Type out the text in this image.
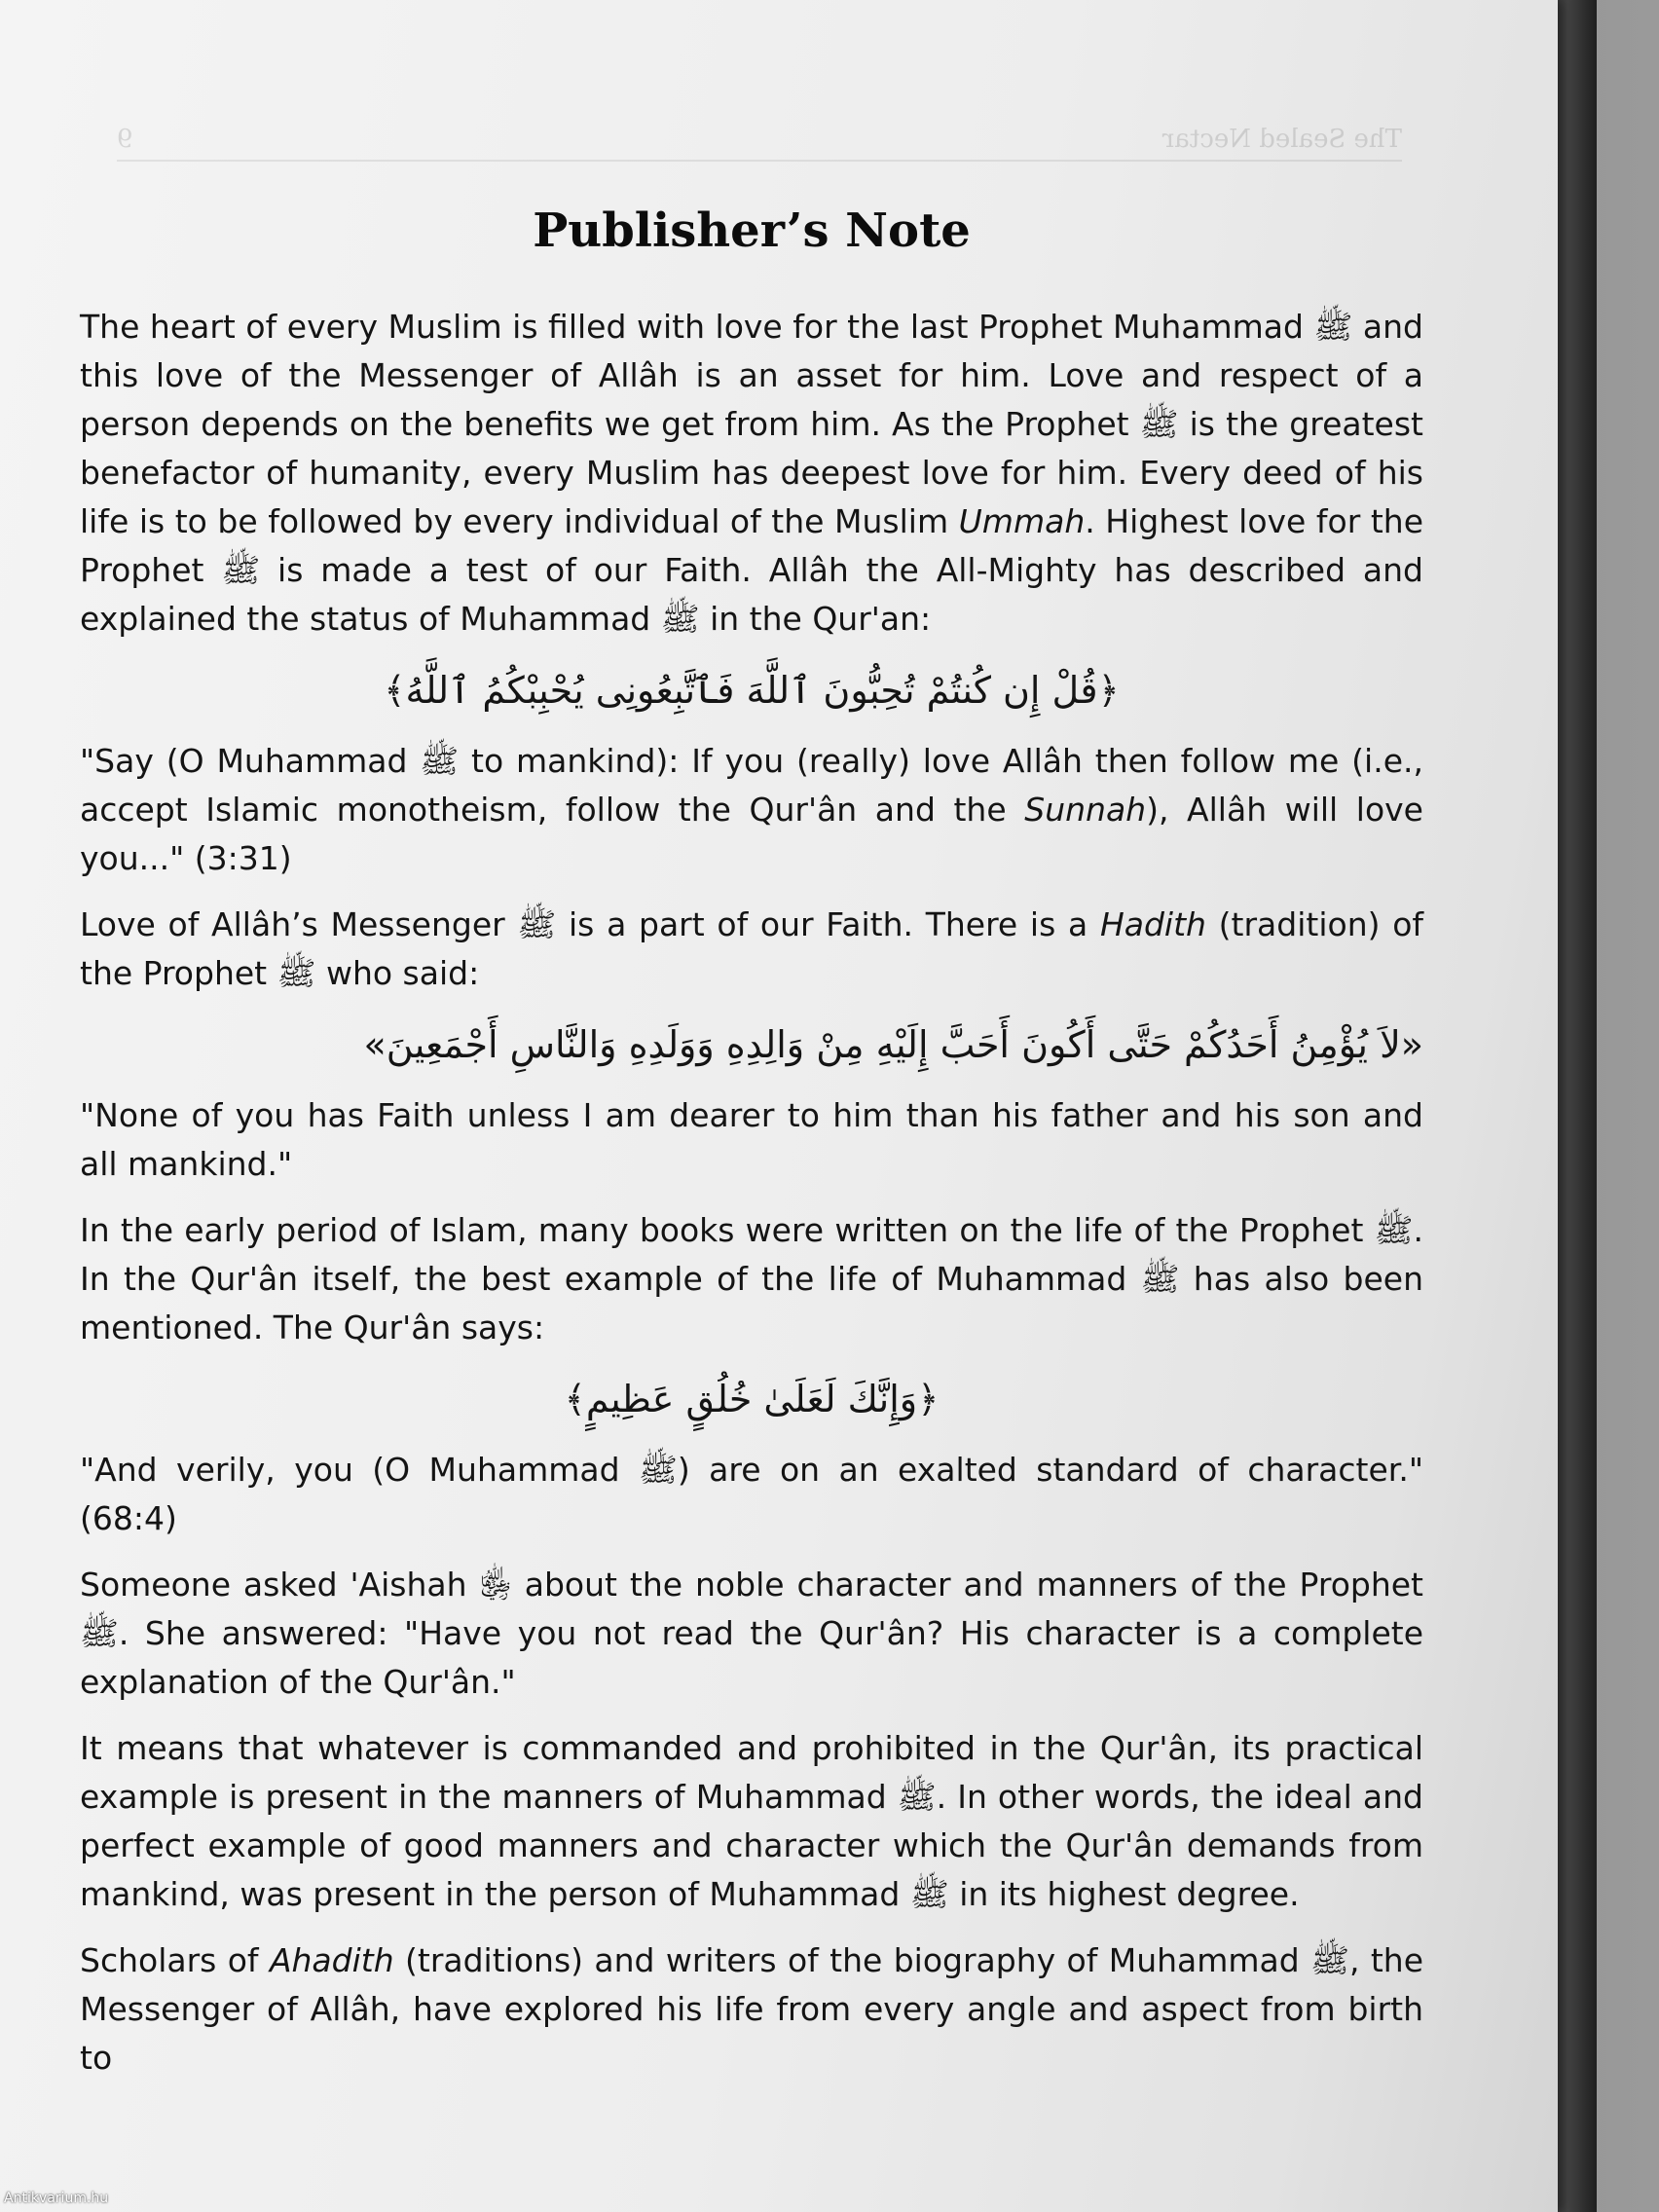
The Sealed Nectar
9
Publisher’s Note

The heart of every Muslim is filled with love for the last Prophet Muhammad ﷺ and this love of the Messenger of Allâh is an asset for him. Love and respect of a person depends on the benefits we get from him. As the Prophet ﷺ is the greatest benefactor of humanity, every Muslim has deepest love for him. Every deed of his life is to be followed by every individual of the Muslim Ummah. Highest love for the Prophet ﷺ is made a test of our Faith. Allâh the All-Mighty has described and explained the status of Muhammad ﷺ in the Qur'an:

﴿قُلْ إِن كُنتُمْ تُحِبُّونَ ٱللَّهَ فَٱتَّبِعُونِى يُحْبِبْكُمُ ٱللَّهُ﴾

"Say (O Muhammad ﷺ to mankind): If you (really) love Allâh then follow me (i.e., accept Islamic monotheism, follow the Qur'ân and the Sunnah), Allâh will love you..." (3:31)

Love of Allâh’s Messenger ﷺ is a part of our Faith. There is a Hadith (tradition) of the Prophet ﷺ who said:

«لاَ يُؤْمِنُ أَحَدُكُمْ حَتَّى أَكُونَ أَحَبَّ إِلَيْهِ مِنْ وَالِدِهِ وَوَلَدِهِ وَالنَّاسِ أَجْمَعِينَ»

"None of you has Faith unless I am dearer to him than his father and his son and all mankind."

In the early period of Islam, many books were written on the life of the Prophet ﷺ. In the Qur'ân itself, the best example of the life of Muhammad ﷺ has also been mentioned. The Qur'ân says:

﴿وَإِنَّكَ لَعَلَىٰ خُلُقٍ عَظِيمٍ﴾

"And verily, you (O Muhammad ﷺ) are on an exalted standard of character." (68:4)

Someone asked 'Aishah ﵂ about the noble character and manners of the Prophet ﷺ. She answered: "Have you not read the Qur'ân? His character is a complete explanation of the Qur'ân."

It means that whatever is commanded and prohibited in the Qur'ân, its practical example is present in the manners of Muhammad ﷺ. In other words, the ideal and perfect example of good manners and character which the Qur'ân demands from mankind, was present in the person of Muhammad ﷺ in its highest degree.

Scholars of Ahadith (traditions) and writers of the biography of Muhammad ﷺ, the Messenger of Allâh, have explored his life from every angle and aspect from birth to

Antikvarium.hu
